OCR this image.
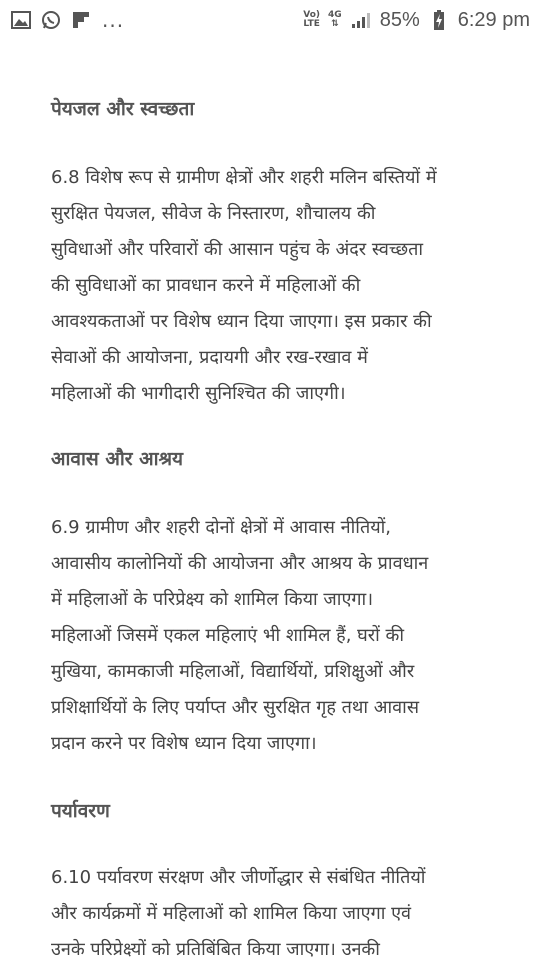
...	Vo)
LTE
4G
⇅ 85% 6:29 pm
पेयजल और स्वच्छता
6.8 विशेष रूप से ग्रामीण क्षेत्रों और शहरी मलिन बस्तियों में
सुरक्षित पेयजल, सीवेज के निस्तारण, शौचालय की
सुविधाओं और परिवारों की आसान पहुंच के अंदर स्वच्छता
की सुविधाओं का प्रावधान करने में महिलाओं की
आवश्यकताओं पर विशेष ध्यान दिया जाएगा। इस प्रकार की
सेवाओं की आयोजना, प्रदायगी और रख-रखाव में
महिलाओं की भागीदारी सुनिश्चित की जाएगी।
आवास और आश्रय
6.9 ग्रामीण और शहरी दोनों क्षेत्रों में आवास नीतियों,
आवासीय कालोनियों की आयोजना और आश्रय के प्रावधान
में महिलाओं के परिप्रेक्ष्य को शामिल किया जाएगा।
महिलाओं जिसमें एकल महिलाएं भी शामिल हैं, घरों की
मुखिया, कामकाजी महिलाओं, विद्यार्थियों, प्रशिक्षुओं और
प्रशिक्षार्थियों के लिए पर्याप्त और सुरक्षित गृह तथा आवास
प्रदान करने पर विशेष ध्यान दिया जाएगा।
पर्यावरण
6.10 पर्यावरण संरक्षण और जीर्णोद्धार से संबंधित नीतियों
और कार्यक्रमों में महिलाओं को शामिल किया जाएगा एवं
उनके परिप्रेक्ष्यों को प्रतिबिंबित किया जाएगा। उनकी
